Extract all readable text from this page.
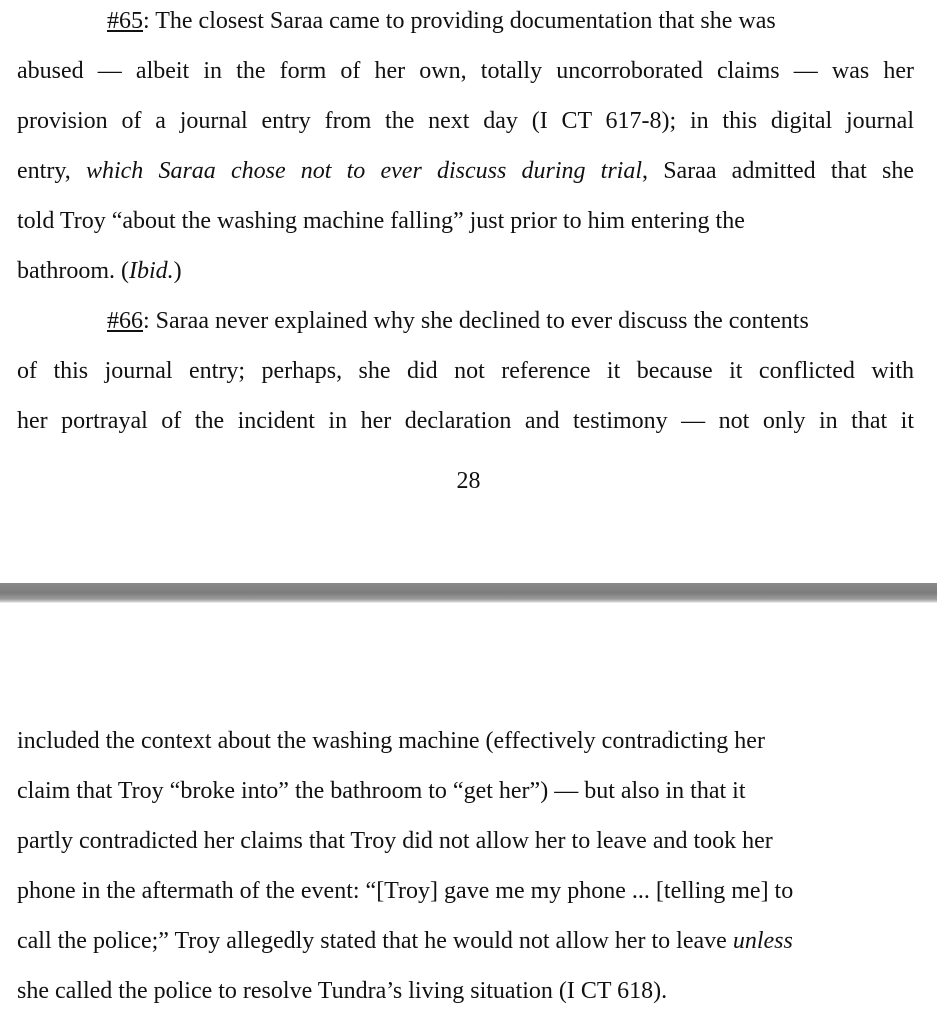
#65: The closest Saraa came to providing documentation that she was
abused — albeit in the form of her own, totally uncorroborated claims — was her
provision of a journal entry from the next day (I CT 617-8); in this digital journal
entry, which Saraa chose not to ever discuss during trial, Saraa admitted that she
told Troy “about the washing machine falling” just prior to him entering the
bathroom. (Ibid.)
#66: Saraa never explained why she declined to ever discuss the contents
of this journal entry; perhaps, she did not reference it because it conflicted with
her portrayal of the incident in her declaration and testimony — not only in that it
28
included the context about the washing machine (effectively contradicting her
claim that Troy “broke into” the bathroom to “get her”) — but also in that it
partly contradicted her claims that Troy did not allow her to leave and took her
phone in the aftermath of the event: “[Troy] gave me my phone ... [telling me] to
call the police;” Troy allegedly stated that he would not allow her to leave unless
she called the police to resolve Tundra’s living situation (I CT 618).
